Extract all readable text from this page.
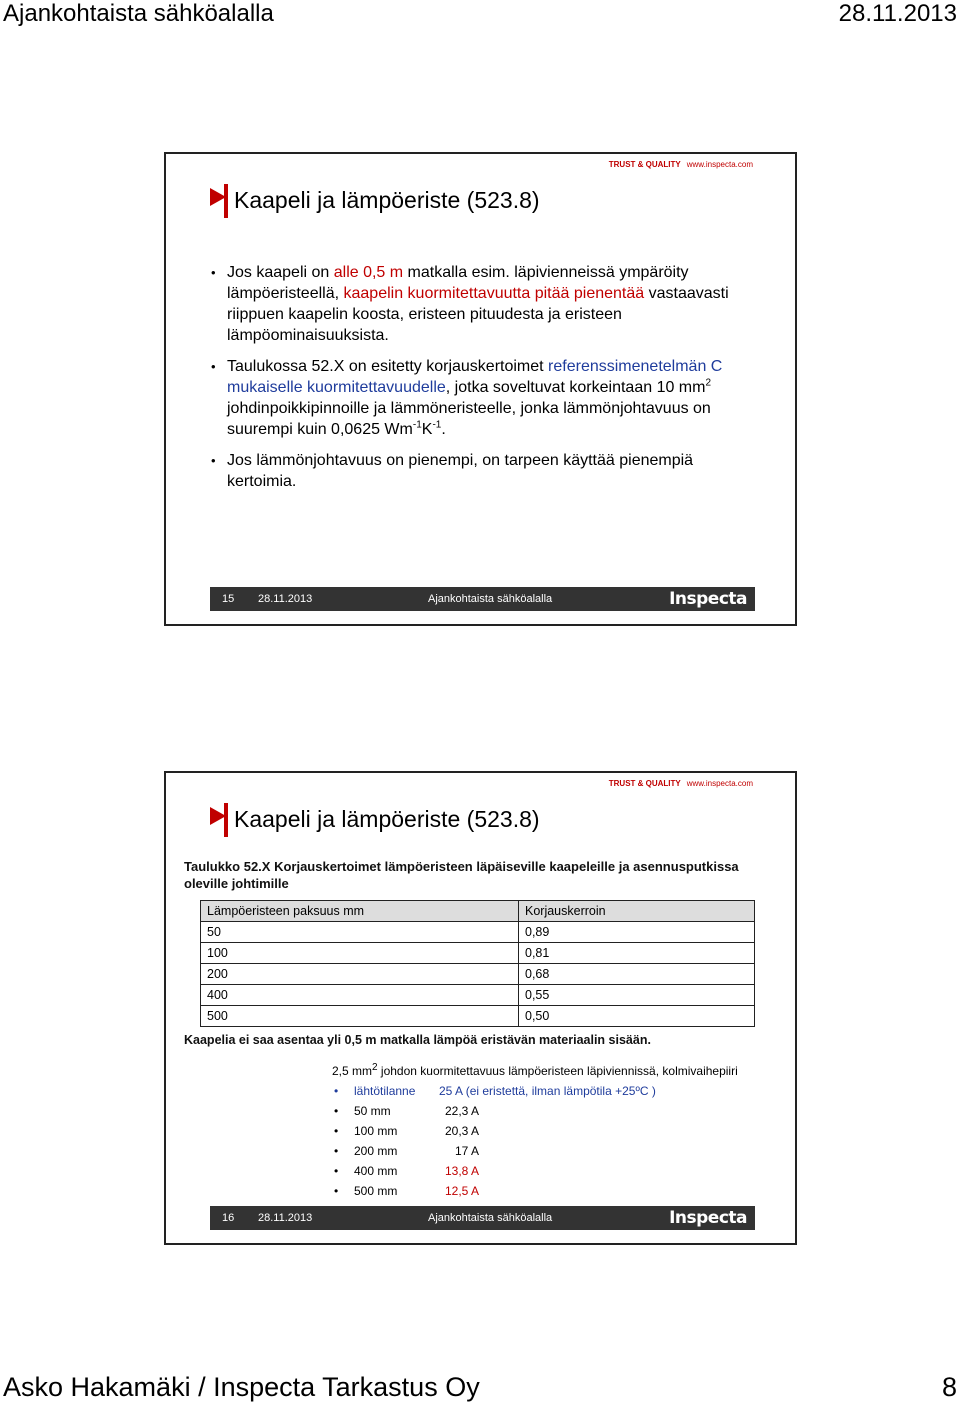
Ajankohtaista sähköalalla	28.11.2013
TRUST & QUALITY www.inspecta.com
Kaapeli ja lämpöeriste (523.8)
• Jos kaapeli on alle 0,5 m matkalla esim. läpivienneissä ympäröity lämpöeristeellä, kaapelin kuormitettavuutta pitää pienentää vastaavasti riippuen kaapelin koosta, eristeen pituudesta ja eristeen lämpöominaisuuksista.
• Taulukossa 52.X on esitetty korjauskertoimet referenssimenetelmän C mukaiselle kuormitettavuudelle, jotka soveltuvat korkeintaan 10 $mm^2$ johdinpoikkipinnoille ja lämmöneristeelle, jonka lämmönjohtavuus on suurempi kuin 0,0625 $Wm^{-1}K^{-1}$.
• Jos lämmönjohtavuus on pienempi, on tarpeen käyttää pienempiä kertoimia.
15 28.11.2013	Ajankohtaista sähköalalla	Inspecta
TRUST & QUALITY www.inspecta.com
Kaapeli ja lämpöeriste (523.8)
Taulukko 52.X Korjauskertoimet lämpöeristeen läpäiseville kaapeleille ja asennusputkissa oleville johtimille
Lämpöeristeen paksuus mm	Korjauskerroin
50	0,89
100	0,81
200	0,68
400	0,55
500	0,50
Kaapelia ei saa asentaa yli 0,5 m matkalla lämpöä eristävän materiaalin sisään.

2,5 $mm^2$ johdon kuormitettavuus lämpöeristeen läpiviennissä, kolmivaihepiiri

• lähtötilanne 25 A (ei eristettä, ilman lämpötila +25ºC )
• 50 mm	22,3 A
• 100 mm	20,3 A
• 200 mm	17 A
• 400 mm	13,8 A
• 500 mm	12,5 A
16 28.11.2013	Ajankohtaista sähköalalla	Inspecta
Asko Hakamäki / Inspecta Tarkastus Oy	8
